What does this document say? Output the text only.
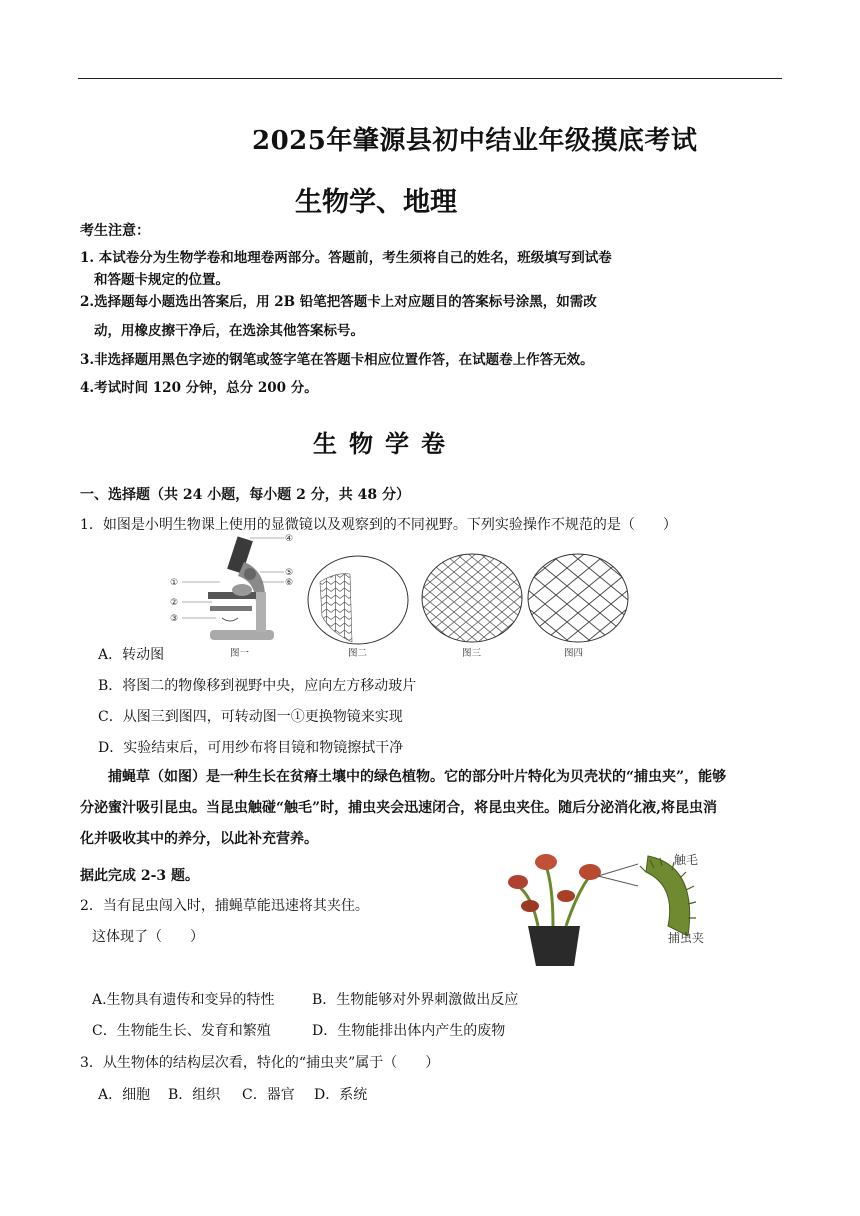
2025年肇源县初中结业年级摸底考试
生物学、地理
考生注意：
1. 本试卷分为生物学卷和地理卷两部分。答题前，考生须将自己的姓名，班级填写到试卷
和答题卡规定的位置。
2.选择题每小题选出答案后，用 2B 铅笔把答题卡上对应题目的答案标号涂黑，如需改
动，用橡皮擦干净后，在选涂其他答案标号。
3.非选择题用黑色字迹的钢笔或签字笔在答题卡相应位置作答，在试题卷上作答无效。
4.考试时间 120 分钟，总分 200 分。
生物学卷
一、选择题（共 24 小题，每小题 2 分，共 48 分）
1．如图是小明生物课上使用的显微镜以及观察到的不同视野。下列实验操作不规范的是（　　）
④
⑤
⑥
①
②
③
图一	图二	图三	图四
A．转动图
B．将图二的物像移到视野中央，应向左方移动玻片
C．从图三到图四，可转动图一①更换物镜来实现
D．实验结束后，可用纱布将目镜和物镜擦拭干净
捕蝇草（如图）是一种生长在贫瘠土壤中的绿色植物。它的部分叶片特化为贝壳状的“捕虫夹”，能够
分泌蜜汁吸引昆虫。当昆虫触碰“触毛”时，捕虫夹会迅速闭合，将昆虫夹住。随后分泌消化液,将昆虫消
化并吸收其中的养分，以此补充营养。
据此完成 2-3 题。
触毛
捕虫夹
2．当有昆虫闯入时，捕蝇草能迅速将其夹住。
这体现了（　　）
A.生物具有遗传和变异的特性	B．生物能够对外界刺激做出反应
C．生物能生长、发育和繁殖	D．生物能排出体内产生的废物
3．从生物体的结构层次看，特化的“捕虫夹”属于（　　）
A．细胞 B．组织 C．器官 D．系统
